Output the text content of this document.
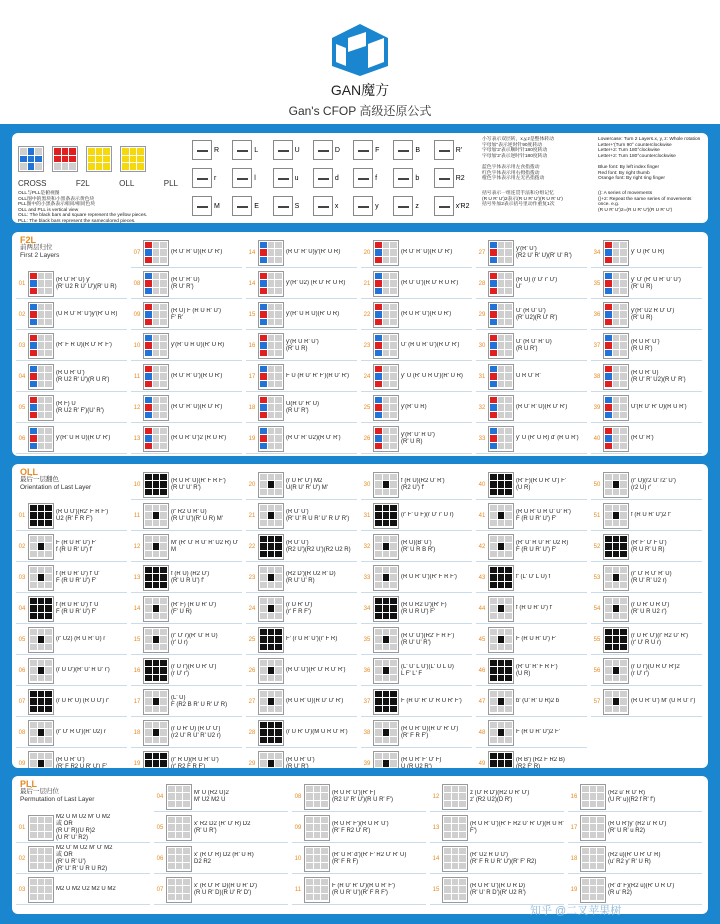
GAN魔方
Gan's CFOP 高级还原公式
CROSS	F2L	OLL	PLL
OLL与PLL是俯视图
OLL图中的黑块和小黑条表示黄色块
PLL图中的小黑条表示相同/相同色块
OLL and PLL is vertical view
OLL: The black bars and square represent the yellow pieces.
PLL: The black bars represent the samecolored pieces.
R	L	U	D	F	B	R'
r	l	u	d	f	b	R2
M	E	S	x	y	z	x'R2
小写表示双层转，x,y,z是整体转动
字母加''表示逆时针90度转动
字母加'2'表示顺时针180度转动
字母加'2'表示逆时针180度转动
Lowercase: Turn 2 Layers.x, y, z: Whole rotation
Letter+'(Turn 90° counterclockwise
Letter+2: Turn 180°clockwise
Letter+2: Turn 180°counterclockwise
蓝色字体表示用左食指拨动
红色字体表示用右拇指拨动
橙色字体表示用左无名指拨动
Blue font: By left index finger
Red font: By right thumb
Orange font: By right ring finger
括号表示一组连贯手法和分组记忆
(R U R' U')2表示(R U R' U')(R U R' U')
括号外加2表示括号里动作重复1次
(): A series of movements
()+2: Repeat the same series of movements once. e.g.
(R U R' U')2=(R U R' U')(R U R' U')
F2L
前两层归位
First 2 Layers
01
(R U' R' U) y'
(R' U2 R U' U')(R' U R)
02	(U R U' R' U')y'(R' U R)
03	(R' F R U)(R U' R' F')
04
(R U R' U')
(R U2 R' U')(R U R')
05
(R F) U
(R U2 R' F')(U' R')
06	y'(R' U R U)(R U' R')
07	(R U' R' U)(R U' R')
08
(R U' R' U)
(R U' R')
09
(R U) F (R U R' U')
F' R'
10	y'(R' U R U)(R' U R)
11	(R U' R' U')(R U R')
12	(R U' R' U)(R U' R')
13	(R U R' U')2 (R U R')
14	(R U' R' U)y'(R' U R)
14	y'(R' U2) (R U' R' U R)
15	y'(R' U R U)(R' U R)
16
y'(R U R' U')
(R' U R)
17	F U (R U' R' F')(R U' R')
18
U(R U' R' U)
(R U' R')
19	(R U' R' U2)(R U' R')
20	(R U' R' U)(R U' R')
21	(R U' U')(R U' R U R')
22	(R U R' U')(R U R')
23	U' (R U R' U')(R U' R')
24	y' U (R' U R U')(R' U R)
25	y'(R' U R)
26
y'(R' U' R U')
(R' U R)
27
y'(R' U')
(R2 U' R' U)(R' U' R')
28
(R U) (r U' r' U')
U'
29
U' (R U' U')
(R' U2)(R U' R')
30
U' (R U' R' U)
(R U R')
31	U R U' R'
32	(R U' R' U)(R U' R')
33	y' U (R' U R) d' (R U R')
34	y' U (R' U R)
35
y' U' (R' U R' U' U')
(R' U R)
36
y'(R' U2 R U' U')
(R' U R)
37
(R U R' U')
(R U R')
38
(R U R' U)
(R U' R' U2)(R U' R')
39	U'(R U' R' U)(R U R')
40	(R U' R')
OLL
最后一层翻色
Orientation of Last Layer
01
(R U U')(R2' F R F')
U2 (R' F R F')
02
F (R U R' U') F'
f (R U R' U') f'
03
f (R U R' U') f' U'
F (R U R' U') F'
04
f (R U R' U') f' U
F (R U R' U') F'
05	(r' U2) (R U R' U) r
06	(r U U')(R' U' R U' r')
07	(r U R' U) (R U U') r'
08	(r' U' R U')(R' U2) r
09
(R U R' U')
(R' F R2 U R' U') F'
10
(R U R' U)(R' F R F')
(R U' U' R')
11
(r' R2 U R' U)
(R U' U')(R' U R) M'
12
M' (R' U' R U' R' U2 R) U' M
13
f (R U) (R2 U')
(R' U R U') f'
14
(R' F) (R U R' U')
(F' U R)
15
(r' U' r)(R' U' R U)
(r' U r)
16
(r U r')(R U R' U')
(r U' r')
17
(L' U)
F (R2 B R' U R' U' R)
18
(r U R' U) (R U' U')
(r2 U' R U' R' U2 r)
19
(r' R U)(R U R' U')
(r' R2 F R F')
20
(r U R' U') M2
U(R U' R' U') M'
21
(R U' U')
(R' U' R U R' U' R U' R')
22
(R U' U')
(R2 U')(R2 U')(R2 U2 R)
23
(R2 D')(R U2 R' D)
(R U' U' R)
24
(r U R' U')
(r' F R F')
25	F' (r U R' U')(r' F R)
26	(R U' U')(R' U' R U' R')
27	(R U R' U)(R U' U' R')
28	(r U R' U')(M U R U' R')
29
(R U R' U')
(R U' R')
30
f (R U)(R2 U' R')
(R2 U') f'
31	(r' F' U F)(r U' r' U r)
32
(R U)(B' U')
(R' U R B R')
33	(R U R' U')(R' F R F')
34
(R U R2 U')(R' F)
(R U R U') F'
35
(R U' U')(R2' F R F')
(R U' U' R')
36
(L' U' L U')(L' U L U)
L F' L' F
37	F (R U' R' U' R U R' F')
38
(R U R' U)(R U' R' U')
(R' F R F')
39
(R U R' F' U' F)
U (R U2 R')
40
(R' F)(R U R' U') F'
(U R)
41
(R U R' U R U' U' R')
F (R U R' U') F'
42
(R' U' R U' R' U2 R)
F (R U R' U') F'
43	f' (L' U' L U) f
44	f (R U R' U') f'
45	F (R U R' U') F'
46
(R' U' R' F R F')
(U R)
47	b' (U' R' U R)2 b
48	F (R U R' U')2 F'
49
(R B') (R2 F R2 B)
(R2 F' R)
50
(r' U)(r2 U' r2' U')
(r2 U) r'
51	f (R U R' U')2 f'
52
(R' F' U' F U')
(R U R' U R)
53
(r' U' R U' R' U)
(R U' R' U2 r)
54
(r U R' U R U')
(R' U R U2 r')
55
(r U R' U')(r' R2 U' R')
(r' U' R U r)
56
(r U r')(U R U' R')2
(r U' r')
57	(R U R' U') M' (U R U' r')
PLL
最后一层归位
Permutation of Last Layer
01
M2 U M U2 M' U M2
或 OR
(R U' R)(U R)2
(U R' U' R2)
02
M2 U' M U2 M' U' M2
或 OR
(R' U R' U')
(R' U' R' U R U R2)
03	M2 U M2 U2 M2 U M2
04
M' U (R2 U)2
M' U2 M2 U
05
x' R2 D2 (R' U' R) D2
(R' U R')
06
x' (R U' R) D2 (R' U R)
D2 R2
07
x' (R U' R' D)(R U R' D')
(R U R' D)(R U' R' D')
08
(R U R' U')(R' F)
(R2 U' R' U')(R U R' F')
09
(R U R' F')(R U R' U')
(R' F R2 U' R')
10
(R' U R' d')(R' F' R2 U' R' U)
(R' F R F)
11
F (R U' R' U')(R U R' F')
(R U R' U')(R' F R F')
12
z (U' R D')(R2 U R' U')
z' (R2 U2)(D R')
13
(R U R' U')(R' F R2 U' R' U')(R U R' F')
14
(R' U2 R U U')
(R' F R U R' U')(R' F' R2)
15
(R U R' U')(R U R D)
(R' U' R D')(R' U2 R')
16
(R2 u' R U' R)
(U R' u)(R2 f R' f')
17
(R U R')y' (R2 u' R U')
(R' U R' u R2)
18
(R2 u)(R' U R' U' R)
(u' R2 y' R' U R)
19
(R' d' F)(R2 u)(R' U R U')
(R u' R2)
知乎 @二叉苹果树
